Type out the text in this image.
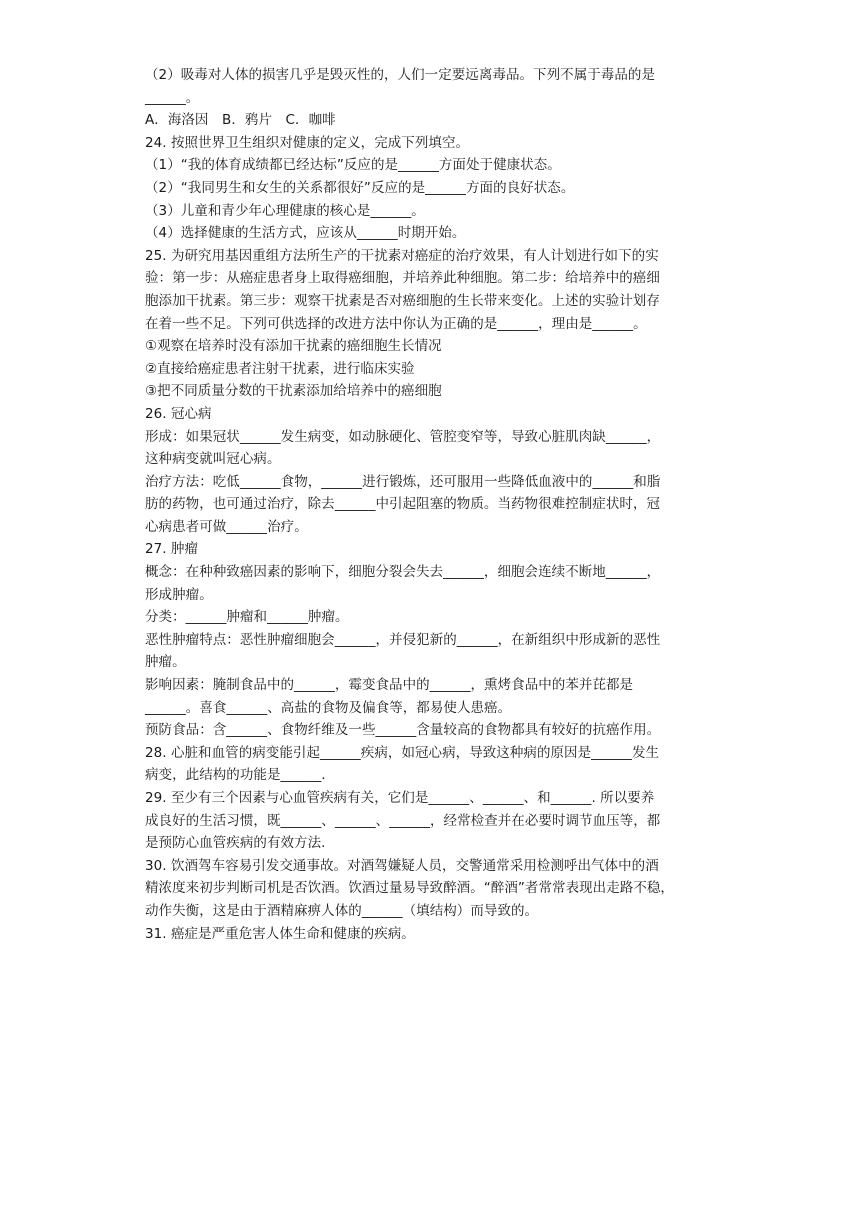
（2）吸毒对人体的损害几乎是毁灭性的，人们一定要远离毒品。下列不属于毒品的是
______。
A．海洛因　B．鸦片　C．咖啡
24. 按照世界卫生组织对健康的定义，完成下列填空。
（1）“我的体育成绩都已经达标”反应的是______方面处于健康状态。
（2）“我同男生和女生的关系都很好”反应的是______方面的良好状态。
（3）儿童和青少年心理健康的核心是______。
（4）选择健康的生活方式，应该从______时期开始。
25. 为研究用基因重组方法所生产的干扰素对癌症的治疗效果，有人计划进行如下的实
验：第一步：从癌症患者身上取得癌细胞，并培养此种细胞。第二步：给培养中的癌细
胞添加干扰素。第三步：观察干扰素是否对癌细胞的生长带来变化。上述的实验计划存
在着一些不足。下列可供选择的改进方法中你认为正确的是______，理由是______。
①观察在培养时没有添加干扰素的癌细胞生长情况
②直接给癌症患者注射干扰素，进行临床实验
③把不同质量分数的干扰素添加给培养中的癌细胞
26. 冠心病
形成：如果冠状______发生病变，如动脉硬化、管腔变窄等，导致心脏肌肉缺______，
这种病变就叫冠心病。
治疗方法：吃低______食物，______进行锻炼，还可服用一些降低血液中的______和脂
肪的药物，也可通过治疗，除去______中引起阻塞的物质。当药物很难控制症状时，冠
心病患者可做______治疗。
27. 肿瘤
概念：在种种致癌因素的影响下，细胞分裂会失去______，细胞会连续不断地______，
形成肿瘤。
分类：______肿瘤和______肿瘤。
恶性肿瘤特点：恶性肿瘤细胞会______，并侵犯新的______，在新组织中形成新的恶性
肿瘤。
影响因素：腌制食品中的______，霉变食品中的______，熏烤食品中的苯并芘都是
______。喜食______、高盐的食物及偏食等，都易使人患癌。
预防食品：含______、食物纤维及一些______含量较高的食物都具有较好的抗癌作用。
28. 心脏和血管的病变能引起______疾病，如冠心病，导致这种病的原因是______发生
病变，此结构的功能是______.
29. 至少有三个因素与心血管疾病有关，它们是______、______、和______. 所以要养
成良好的生活习惯，既______、______、______，经常检查并在必要时调节血压等，都
是预防心血管疾病的有效方法.
30. 饮酒驾车容易引发交通事故。对酒驾嫌疑人员，交警通常采用检测呼出气体中的酒
精浓度来初步判断司机是否饮酒。饮酒过量易导致醉酒。“醉酒”者常常表现出走路不稳，
动作失衡，这是由于酒精麻痹人体的______（填结构）而导致的。
31. 癌症是严重危害人体生命和健康的疾病。
